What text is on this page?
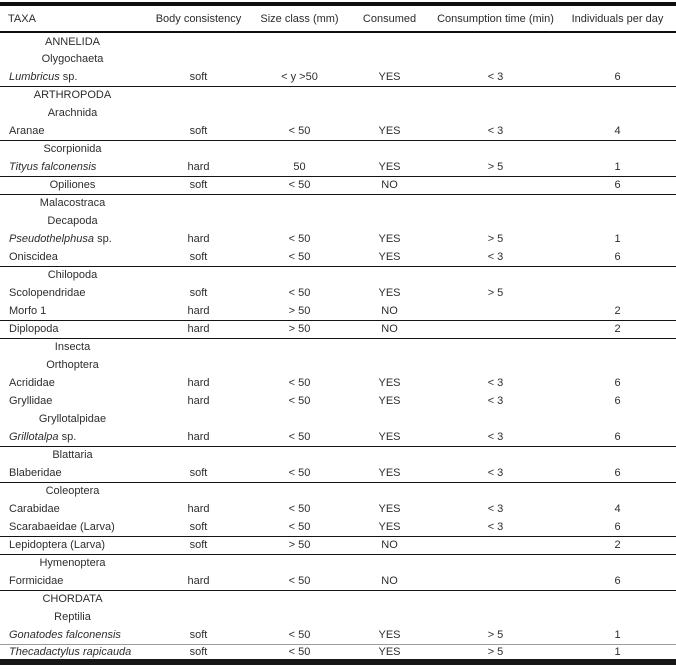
TAXA	Body consistency	Size class (mm)	Consumed	Consumption time (min)	Individuals per day
ANNELIDA					
Olygochaeta					
Lumbricus sp.	soft	< y >50	YES	< 3	6
ARTHROPODA					
Arachnida					
Aranae	soft	< 50	YES	< 3	4
Scorpionida					
Tityus falconensis	hard	50	YES	> 5	1
Opiliones	soft	< 50	NO		6
Malacostraca					
Decapoda					
Pseudothelphusa sp.	hard	< 50	YES	> 5	1
Oniscidea	soft	< 50	YES	< 3	6
Chilopoda					
Scolopendridae	soft	< 50	YES	> 5	
Morfo 1	hard	> 50	NO		2
Diplopoda	hard	> 50	NO		2
Insecta					
Orthoptera					
Acrididae	hard	< 50	YES	< 3	6
Gryllidae	hard	< 50	YES	< 3	6
Gryllotalpidae					
Grillotalpa sp.	hard	< 50	YES	< 3	6
Blattaria					
Blaberidae	soft	< 50	YES	< 3	6
Coleoptera					
Carabidae	hard	< 50	YES	< 3	4
Scarabaeidae (Larva)	soft	< 50	YES	< 3	6
Lepidoptera (Larva)	soft	> 50	NO		2
Hymenoptera					
Formicidae	hard	< 50	NO		6
CHORDATA					
Reptilia					
Gonatodes falconensis	soft	< 50	YES	> 5	1
Thecadactylus rapicauda	soft	< 50	YES	> 5	1
